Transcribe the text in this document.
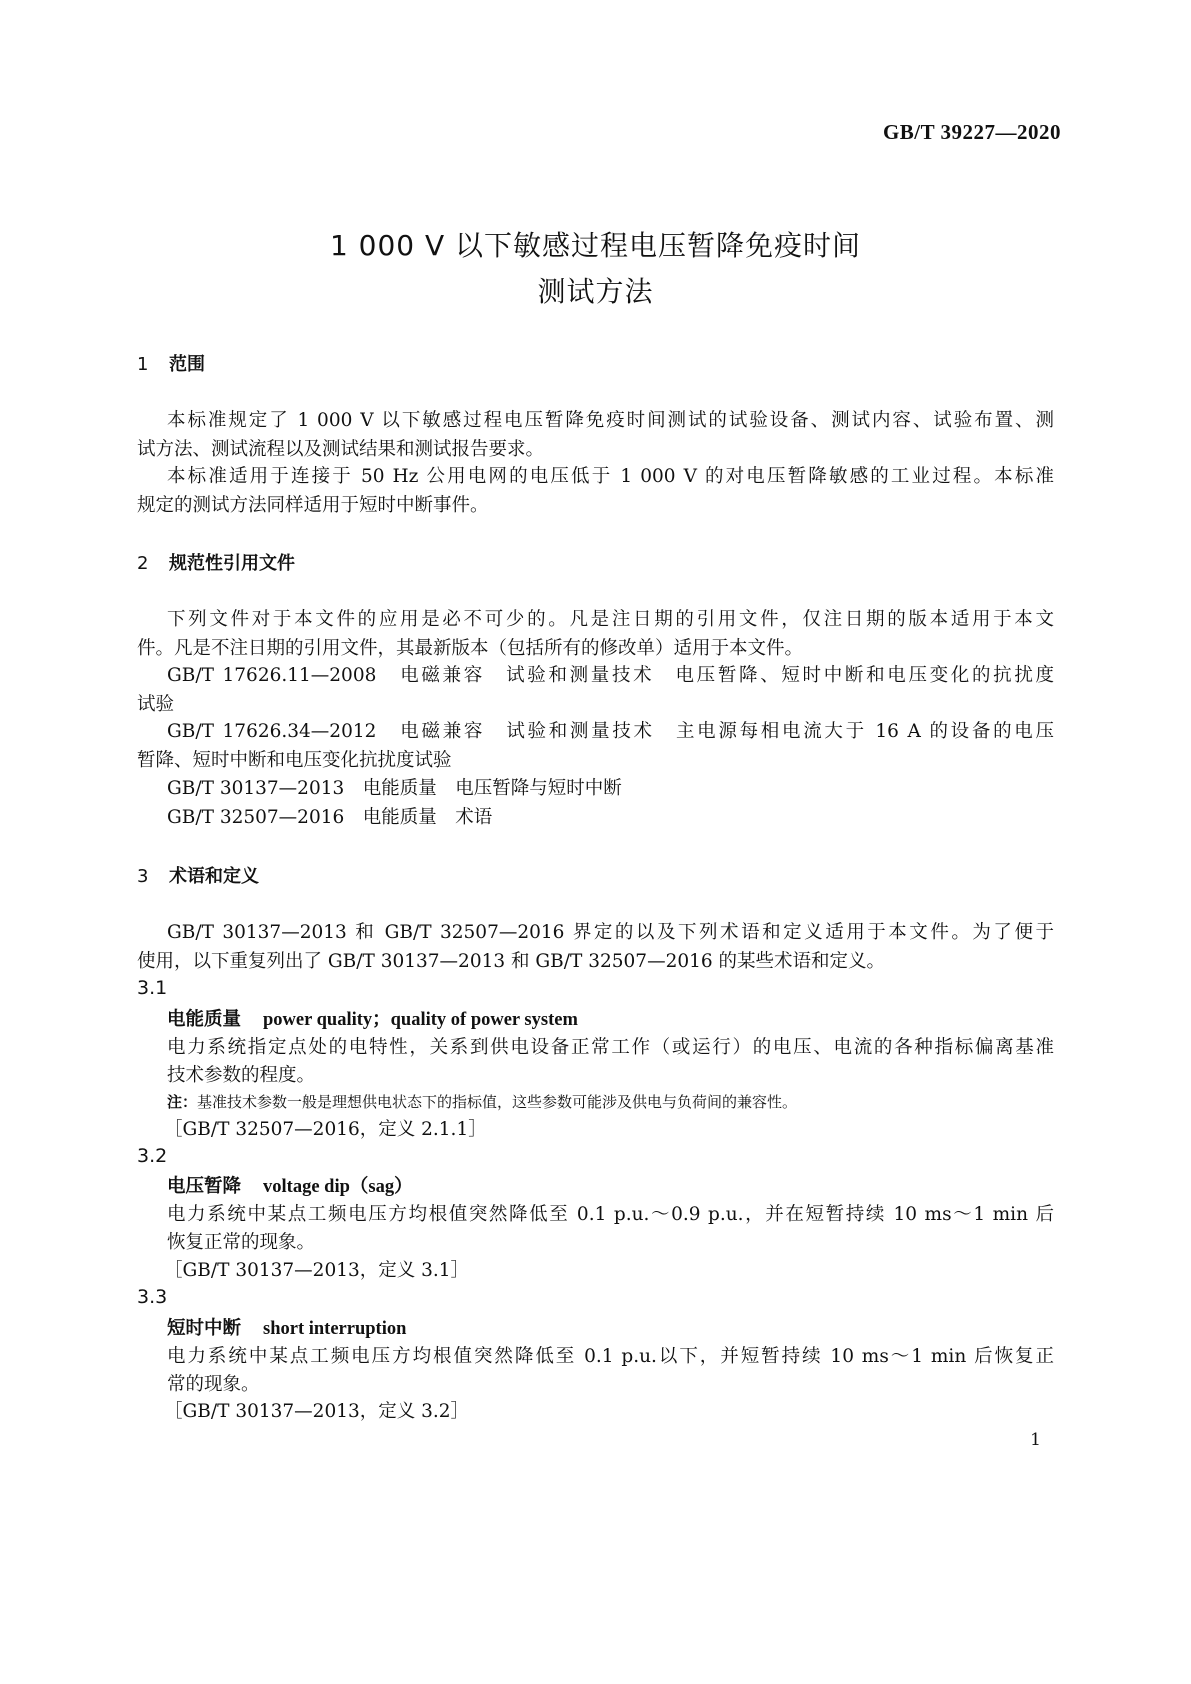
GB/T 39227—2020
1 000 V 以下敏感过程电压暂降免疫时间
测试方法
1 范围
本标准规定了 1 000 V 以下敏感过程电压暂降免疫时间测试的试验设备、测试内容、试验布置、测
试方法、测试流程以及测试结果和测试报告要求。
本标准适用于连接于 50 Hz 公用电网的电压低于 1 000 V 的对电压暂降敏感的工业过程。本标准
规定的测试方法同样适用于短时中断事件。
2 规范性引用文件
下列文件对于本文件的应用是必不可少的。凡是注日期的引用文件，仅注日期的版本适用于本文
件。凡是不注日期的引用文件，其最新版本（包括所有的修改单）适用于本文件。
GB/T 17626.11—2008　电磁兼容　试验和测量技术　电压暂降、短时中断和电压变化的抗扰度
试验
GB/T 17626.34—2012　电磁兼容　试验和测量技术　主电源每相电流大于 16 A 的设备的电压
暂降、短时中断和电压变化抗扰度试验
GB/T 30137—2013　电能质量　电压暂降与短时中断
GB/T 32507—2016　电能质量　术语
3 术语和定义
GB/T 30137—2013 和 GB/T 32507—2016 界定的以及下列术语和定义适用于本文件。为了便于
使用，以下重复列出了 GB/T 30137—2013 和 GB/T 32507—2016 的某些术语和定义。
3.1
电能质量 power quality；quality of power system
电力系统指定点处的电特性，关系到供电设备正常工作（或运行）的电压、电流的各种指标偏离基准
技术参数的程度。
注：基准技术参数一般是理想供电状态下的指标值，这些参数可能涉及供电与负荷间的兼容性。
［GB/T 32507—2016，定义 2.1.1］
3.2
电压暂降 voltage dip（sag）
电力系统中某点工频电压方均根值突然降低至 0.1 p.u.～0.9 p.u.，并在短暂持续 10 ms～1 min 后
恢复正常的现象。
［GB/T 30137—2013，定义 3.1］
3.3
短时中断 short interruption
电力系统中某点工频电压方均根值突然降低至 0.1 p.u.以下，并短暂持续 10 ms～1 min 后恢复正
常的现象。
［GB/T 30137—2013，定义 3.2］
1
